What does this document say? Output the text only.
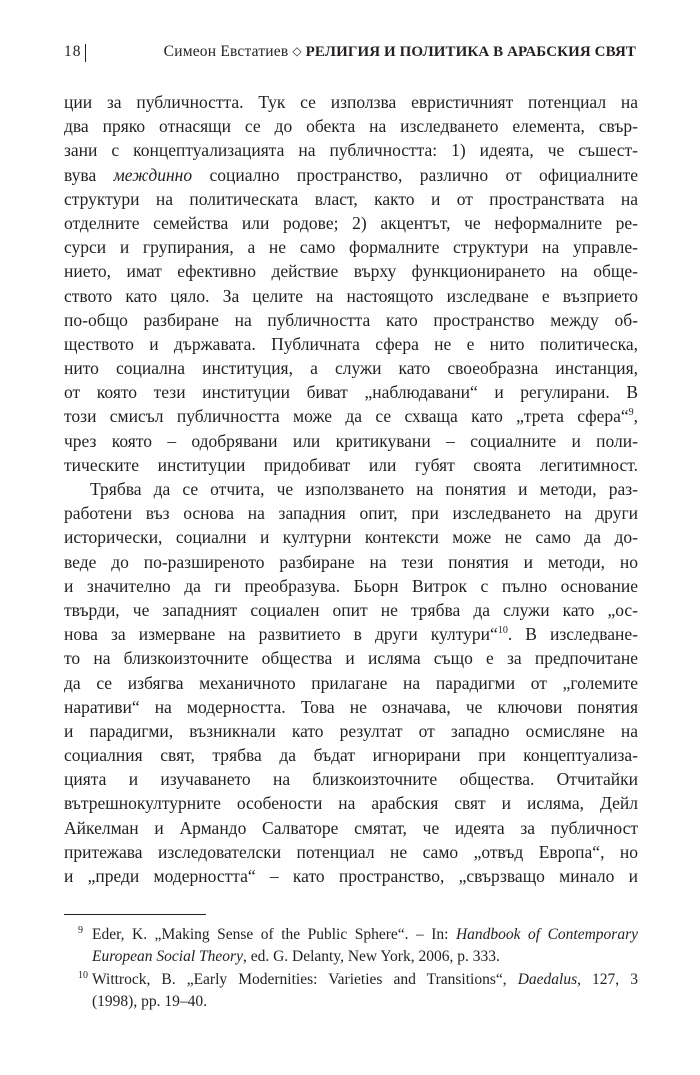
18	Симеон Евстатиев ◇ РЕЛИГИЯ И ПОЛИТИКА В АРАБСКИЯ СВЯТ
ции за публичността. Тук се използва евристичният потенциал на
два пряко отнасящи се до обекта на изследването елемента, свър-
зани с концептуализацията на публичността: 1) идеята, че съшест-
вува междинно социално пространство, различно от официалните
структури на политическата власт, както и от пространствата на
отделните семейства или родове; 2) акцентът, че неформалните ре-
сурси и групирания, а не само формалните структури на управле-
нието, имат ефективно действие върху функционирането на обще-
ството като цяло. За целите на настоящото изследване е възприето
по-общо разбиране на публичността като пространство между об-
ществото и държавата. Публичната сфера не е нито политическа,
нито социална институция, а служи като своеобразна инстанция,
от която тези институции биват „наблюдавани“ и регулирани. В
този смисъл публичността може да се схваща като „трета сфера“$^9$,
чрез която – одобрявани или критикувани – социалните и поли-
тическите институции придобиват или губят своята легитимност.
Трябва да се отчита, че използването на понятия и методи, раз-
работени въз основа на западния опит, при изследването на други
исторически, социални и културни контексти може не само да до-
веде до по-разширеното разбиране на тези понятия и методи, но
и значително да ги преобразува. Бьорн Витрок с пълно основание
твърди, че западният социален опит не трябва да служи като „ос-
нова за измерване на развитието в други култури“$^{10}$. В изследване-
то на близкоизточните общества и исляма също е за предпочитане
да се избягва механичното прилагане на парадигми от „големите
наративи“ на модерността. Това не означава, че ключови понятия
и парадигми, възникнали като резултат от западно осмисляне на
социалния свят, трябва да бъдат игнорирани при концептуализа-
цията и изучаването на близкоизточните общества. Отчитайки
вътрешнокултурните особености на арабския свят и исляма, Дейл
Айкелман и Армандо Салваторе смятат, че идеята за публичност
притежава изследователски потенциал не само „отвъд Европа“, но
и „преди модерността“ – като пространство, „свързващо минало и
9 Eder, K. „Making Sense of the Public Sphere“. – In: Handbook of Contemporary
European Social Theory, ed. G. Delanty, New York, 2006, p. 333.
10 Wittrock, B. „Early Modernities: Varieties and Transitions“, Daedalus, 127, 3
(1998), pp. 19–40.
